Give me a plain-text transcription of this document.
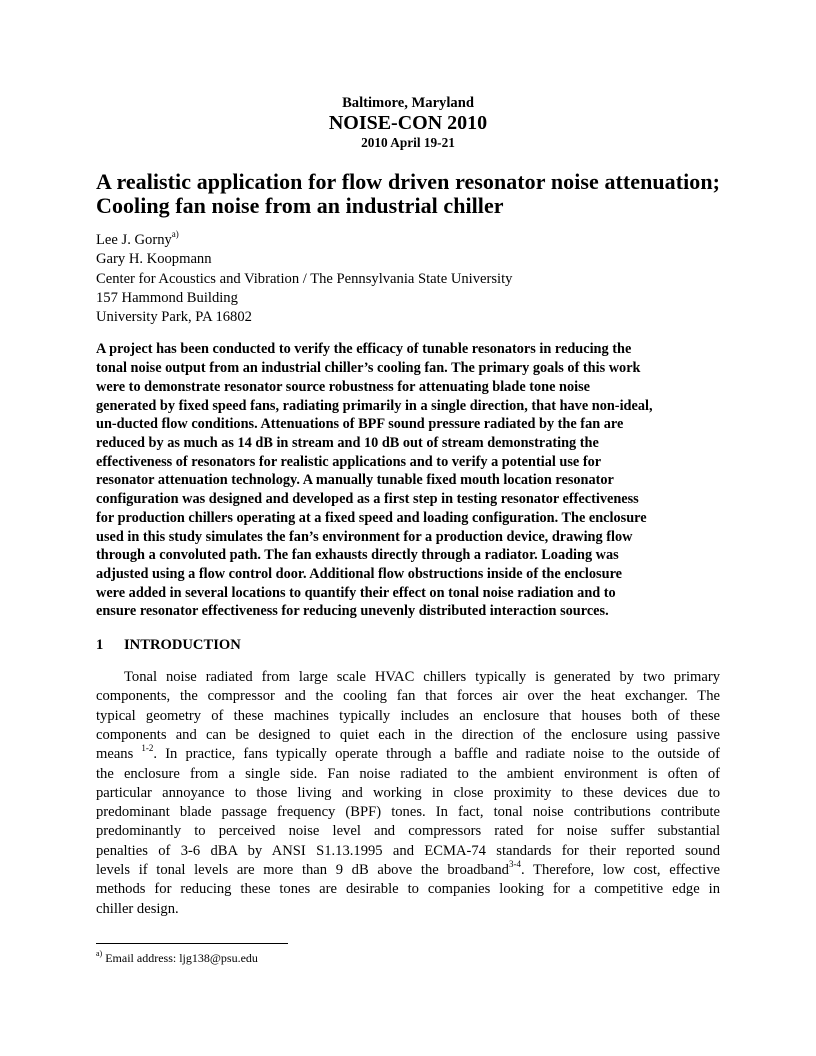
Baltimore, Maryland
NOISE-CON 2010
2010 April 19-21
A realistic application for flow driven resonator noise attenuation;
Cooling fan noise from an industrial chiller
Lee J. Gorny$^{a)}$
Gary H. Koopmann
Center for Acoustics and Vibration / The Pennsylvania State University
157 Hammond Building
University Park, PA 16802
A project has been conducted to verify the efficacy of tunable resonators in reducing the
tonal noise output from an industrial chiller’s cooling fan. The primary goals of this work
were to demonstrate resonator source robustness for attenuating blade tone noise
generated by fixed speed fans, radiating primarily in a single direction, that have non-ideal,
un-ducted flow conditions. Attenuations of BPF sound pressure radiated by the fan are
reduced by as much as 14 dB in stream and 10 dB out of stream demonstrating the
effectiveness of resonators for realistic applications and to verify a potential use for
resonator attenuation technology. A manually tunable fixed mouth location resonator
configuration was designed and developed as a first step in testing resonator effectiveness
for production chillers operating at a fixed speed and loading configuration. The enclosure
used in this study simulates the fan’s environment for a production device, drawing flow
through a convoluted path. The fan exhausts directly through a radiator. Loading was
adjusted using a flow control door. Additional flow obstructions inside of the enclosure
were added in several locations to quantify their effect on tonal noise radiation and to
ensure resonator effectiveness for reducing unevenly distributed interaction sources.
1 INTRODUCTION
Tonal noise radiated from large scale HVAC chillers typically is generated by two primary
components, the compressor and the cooling fan that forces air over the heat exchanger. The
typical geometry of these machines typically includes an enclosure that houses both of these
components and can be designed to quiet each in the direction of the enclosure using passive
means $^{1-2}$. In practice, fans typically operate through a baffle and radiate noise to the outside of
the enclosure from a single side. Fan noise radiated to the ambient environment is often of
particular annoyance to those living and working in close proximity to these devices due to
predominant blade passage frequency (BPF) tones. In fact, tonal noise contributions contribute
predominantly to perceived noise level and compressors rated for noise suffer substantial
penalties of 3-6 dBA by ANSI S1.13.1995 and ECMA-74 standards for their reported sound
levels if tonal levels are more than 9 dB above the broadband$^{3-4}$. Therefore, low cost, effective
methods for reducing these tones are desirable to companies looking for a competitive edge in
chiller design.
$^{a)}$ Email address: ljg138@psu.edu
